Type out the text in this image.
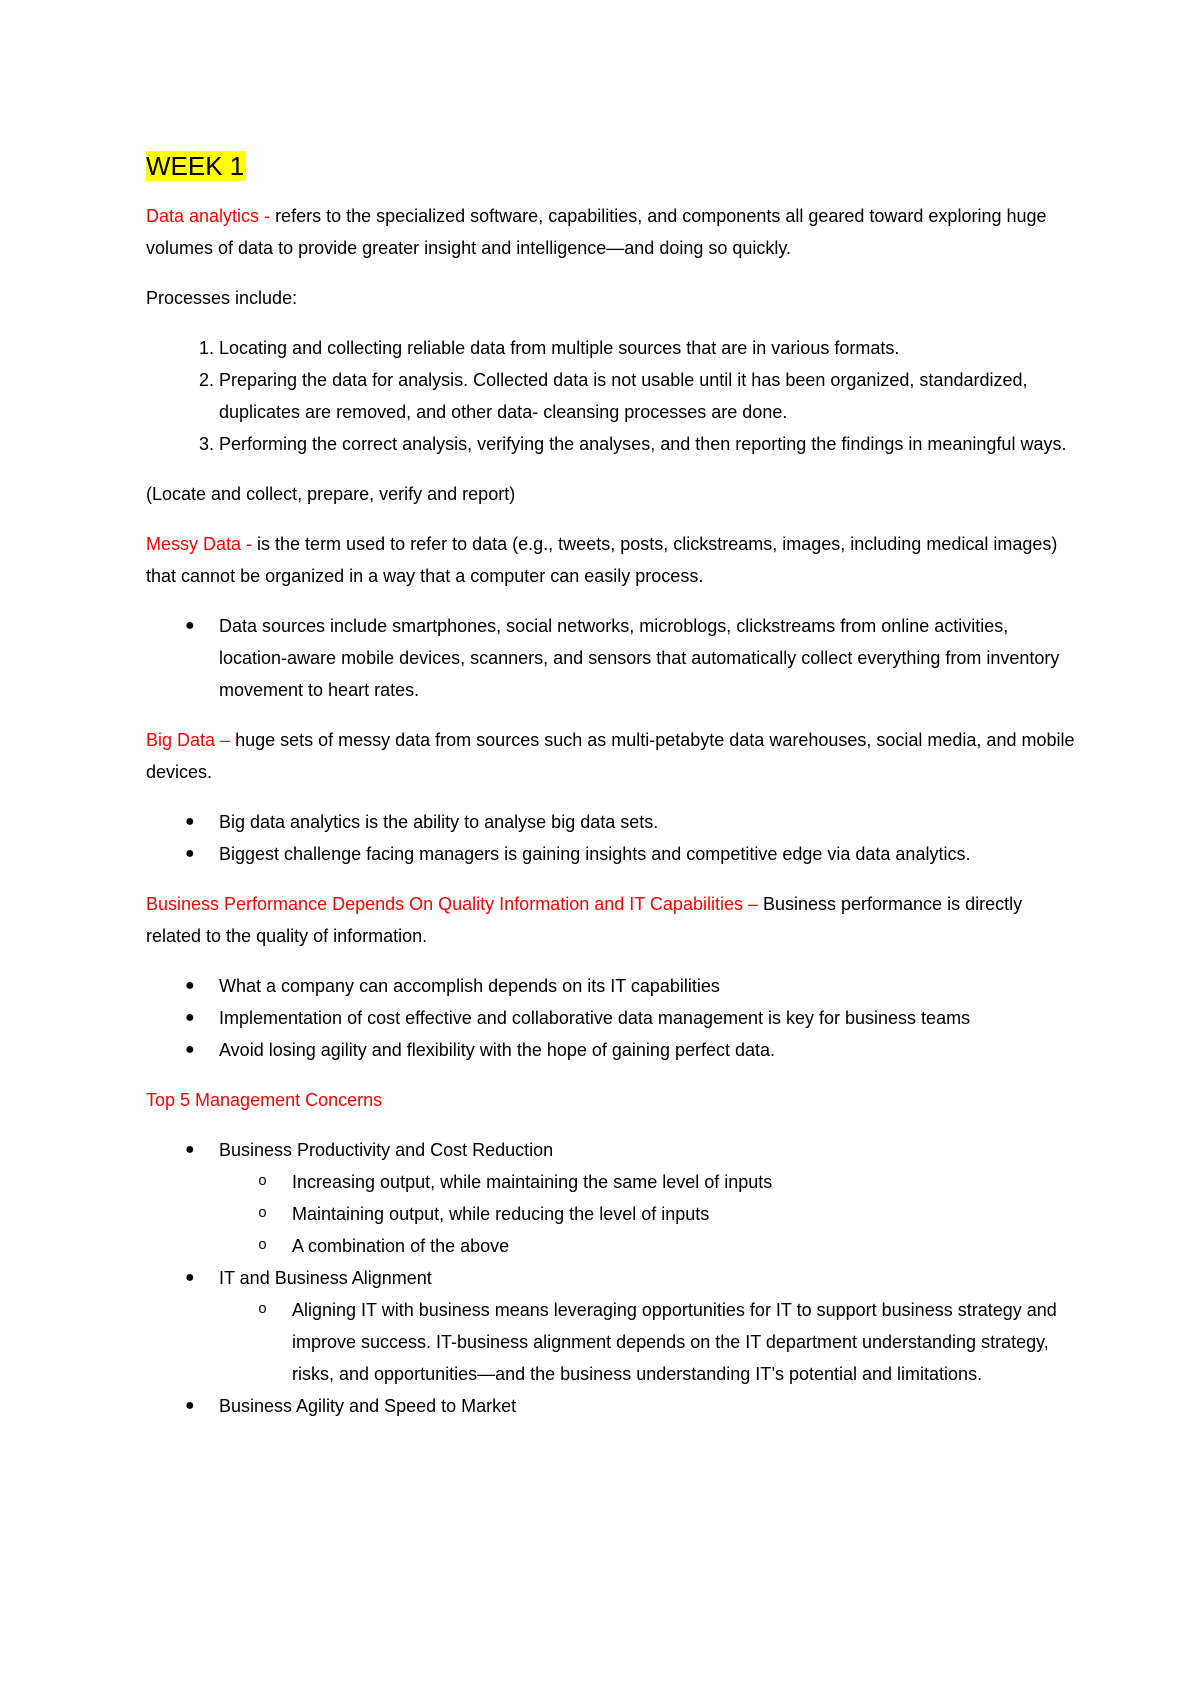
WEEK 1

Data analytics - refers to the specialized software, capabilities, and components all geared toward exploring huge volumes of data to provide greater insight and intelligence—and doing so quickly.

Processes include:

1. Locating and collecting reliable data from multiple sources that are in various formats.
2. Preparing the data for analysis. Collected data is not usable until it has been organized, standardized, duplicates are removed, and other data- cleansing processes are done.
3. Performing the correct analysis, verifying the analyses, and then reporting the findings in meaningful ways.

(Locate and collect, prepare, verify and report)

Messy Data - is the term used to refer to data (e.g., tweets, posts, clickstreams, images, including medical images) that cannot be organized in a way that a computer can easily process.

● Data sources include smartphones, social networks, microblogs, clickstreams from online activities, location-aware mobile devices, scanners, and sensors that automatically collect everything from inventory movement to heart rates.

Big Data – huge sets of messy data from sources such as multi-petabyte data warehouses, social media, and mobile devices.

● Big data analytics is the ability to analyse big data sets.
● Biggest challenge facing managers is gaining insights and competitive edge via data analytics.

Business Performance Depends On Quality Information and IT Capabilities – Business performance is directly related to the quality of information.

● What a company can accomplish depends on its IT capabilities
● Implementation of cost effective and collaborative data management is key for business teams
● Avoid losing agility and flexibility with the hope of gaining perfect data.

Top 5 Management Concerns

● Business Productivity and Cost Reduction
o Increasing output, while maintaining the same level of inputs
o Maintaining output, while reducing the level of inputs
o A combination of the above
● IT and Business Alignment
o Aligning IT with business means leveraging opportunities for IT to support business strategy and improve success. IT-business alignment depends on the IT department understanding strategy, risks, and opportunities—and the business understanding IT’s potential and limitations.
● Business Agility and Speed to Market
